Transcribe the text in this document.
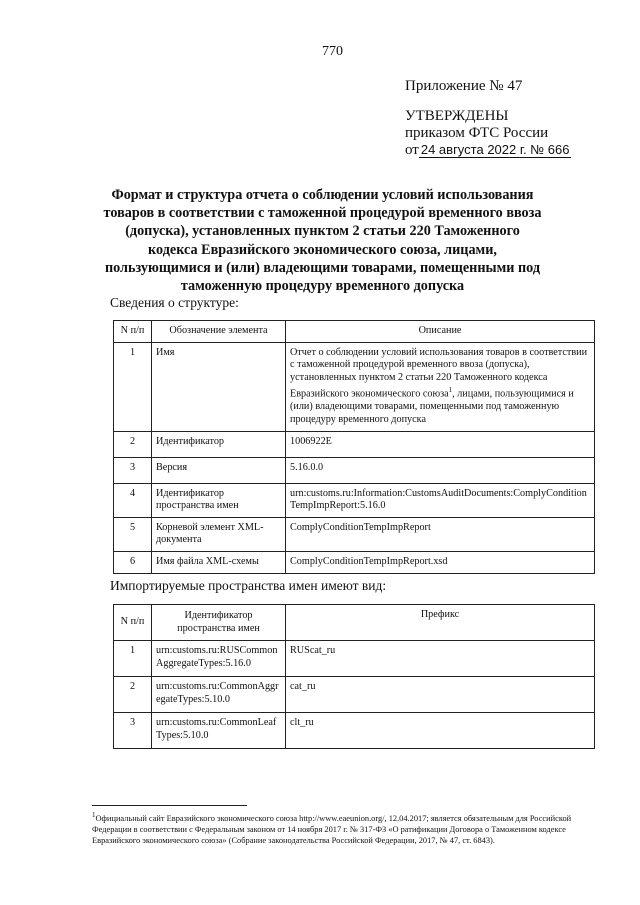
770
Приложение № 47
УТВЕРЖДЕНЫ
приказом ФТС России
от 24 августа 2022 г. № 666
Формат и структура отчета о соблюдении условий использования товаров в соответствии с таможенной процедурой временного ввоза (допуска), установленных пунктом 2 статьи 220 Таможенного кодекса Евразийского экономического союза, лицами, пользующимися и (или) владеющими товарами, помещенными под таможенную процедуру временного допуска
Сведения о структуре:
N п/п	Обозначение элемента	Описание
1	Имя	Отчет о соблюдении условий использования товаров в соответствии с таможенной процедурой временного ввоза (допуска), установленных пунктом 2 статьи 220 Таможенного кодекса Евразийского экономического союза$^1$, лицами, пользующимися и (или) владеющими товарами, помещенными под таможенную процедуру временного допуска
2	Идентификатор	1006922E
3	Версия	5.16.0.0
4	Идентификатор пространства имен	urn:customs.ru:Information:CustomsAuditDocuments:ComplyConditionTempImpReport:5.16.0
5	Корневой элемент XML-документа	ComplyConditionTempImpReport
6	Имя файла XML-схемы	ComplyConditionTempImpReport.xsd
Импортируемые пространства имен имеют вид:
N п/п	Идентификатор пространства имен	Префикс
1	urn:customs.ru:RUSCommonAggregateTypes:5.16.0	RUScat_ru
2	urn:customs.ru:CommonAggregateTypes:5.10.0	cat_ru
3	urn:customs.ru:CommonLeafTypes:5.10.0	clt_ru
$^1$Официальный сайт Евразийского экономического союза http://www.eaeunion.org/, 12.04.2017; является обязательным для Российской Федерации в соответствии с Федеральным законом от 14 ноября 2017 г. № 317-ФЗ «О ратификации Договора о Таможенном кодексе Евразийского экономического союза» (Собрание законодательства Российской Федерации, 2017, № 47, ст. 6843).
